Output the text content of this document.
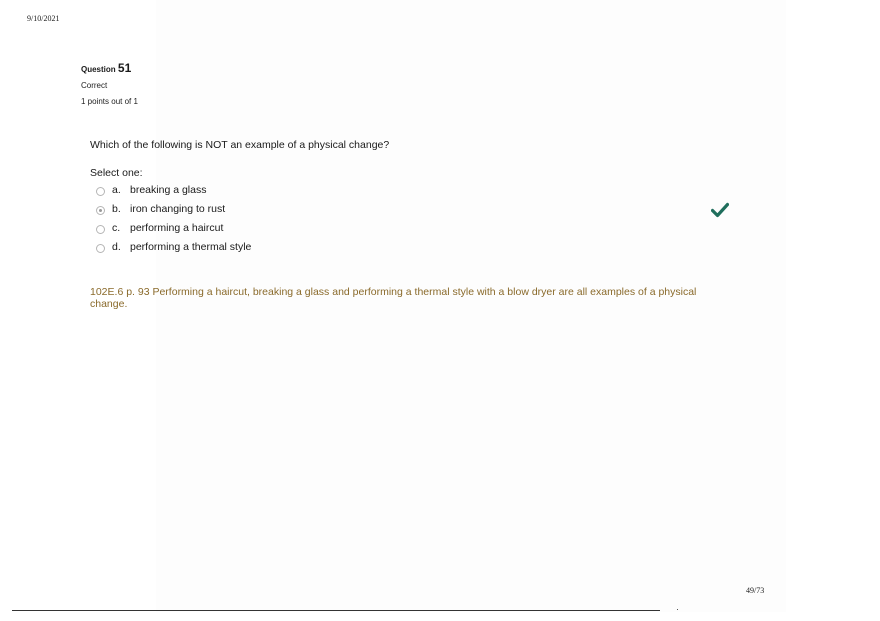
9/10/2021
Question 51
Correct
1 points out of 1
Which of the following is NOT an example of a physical change?
Select one:
a. breaking a glass
b. iron changing to rust
c. performing a haircut
d. performing a thermal style
102E.6 p. 93 Performing a haircut, breaking a glass and performing a thermal style with a blow dryer are all examples of a physical change.
49/73
